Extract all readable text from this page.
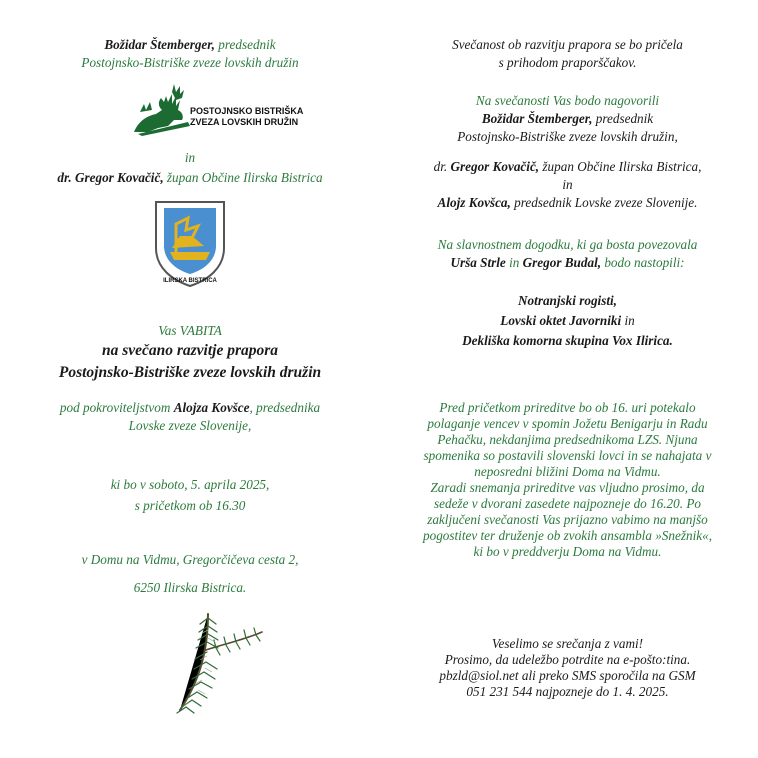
Božidar Štemberger, predsednik
Postojnsko-Bistriške zveze lovskih družin
POSTOJNSKO BISTRIŠKA
ZVEZA LOVSKIH DRUŽIN
in
dr. Gregor Kovačič, župan Občine Ilirska Bistrica
ILIRSKA BISTRICA
Vas VABITA
na svečano razvitje prapora
Postojnsko-Bistriške zveze lovskih družin
pod pokroviteljstvom Alojza Kovšce, predsednika
Lovske zveze Slovenije,
ki bo v soboto, 5. aprila 2025,
s pričetkom ob 16.30
v Domu na Vidmu, Gregorčičeva cesta 2,
6250 Ilirska Bistrica.
Svečanost ob razvitju prapora se bo pričela
s prihodom praporščakov.
Na svečanosti Vas bodo nagovorili
Božidar Štemberger, predsednik
Postojnsko-Bistriške zveze lovskih družin,
dr. Gregor Kovačič, župan Občine Ilirska Bistrica,
in
Alojz Kovšca, predsednik Lovske zveze Slovenije.
Na slavnostnem dogodku, ki ga bosta povezovala
Urša Strle in Gregor Budal, bodo nastopili:
Notranjski rogisti,
Lovski oktet Javorniki in
Dekliška komorna skupina Vox Ilirica.
Pred pričetkom prireditve bo ob 16. uri potekalo
polaganje vencev v spomin Jožetu Benigarju in Radu
Pehačku, nekdanjima predsednikoma LZS. Njuna
spomenika so postavili slovenski lovci in se nahajata v
neposredni bližini Doma na Vidmu.
Zaradi snemanja prireditve vas vljudno prosimo, da
sedeže v dvorani zasedete najpozneje do 16.20. Po
zaključeni svečanosti Vas prijazno vabimo na manjšo
pogostitev ter druženje ob zvokih ansambla »Snežnik«,
ki bo v preddverju Doma na Vidmu.
Veselimo se srečanja z vami!
Prosimo, da udeležbo potrdite na e-pošto:tina.
pbzld@siol.net ali preko SMS sporočila na GSM
051 231 544 najpozneje do 1. 4. 2025.
